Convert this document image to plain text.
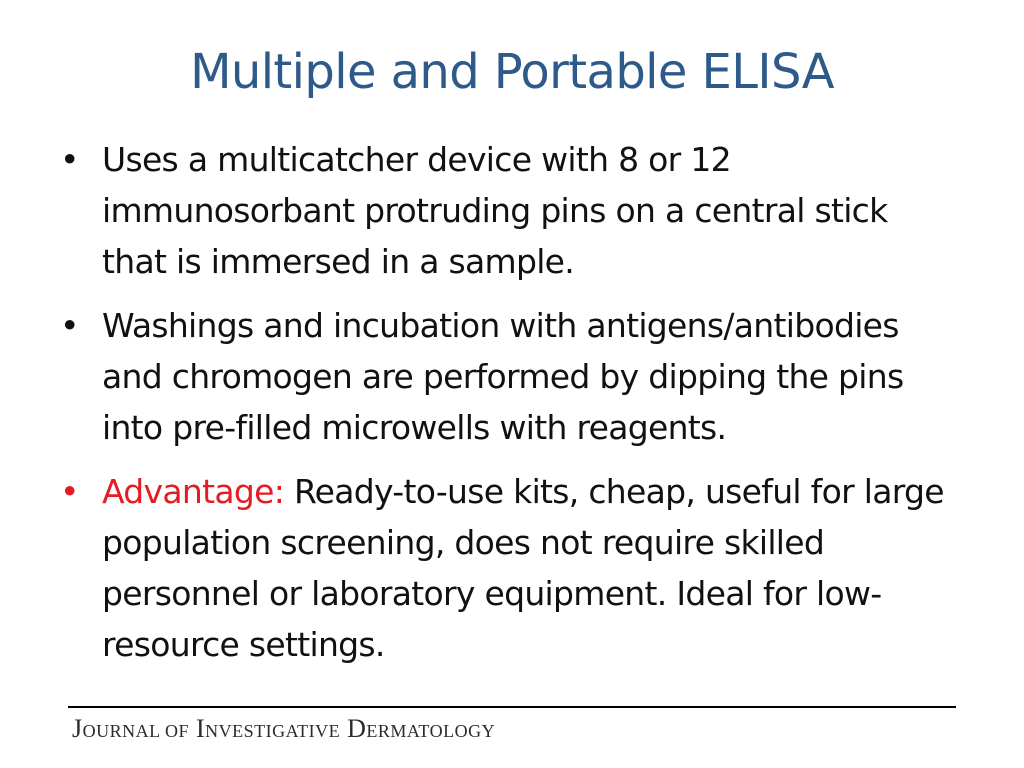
Multiple and Portable ELISA
• Uses a multicatcher device with 8 or 12 immunosorbant protruding pins on a central stick that is immersed in a sample.
• Washings and incubation with antigens/antibodies and chromogen are performed by dipping the pins into pre-filled microwells with reagents.
• Advantage: Ready-to-use kits, cheap, useful for large population screening, does not require skilled personnel or laboratory equipment. Ideal for low-resource settings.
JOURNAL OF INVESTIGATIVE DERMATOLOGY
